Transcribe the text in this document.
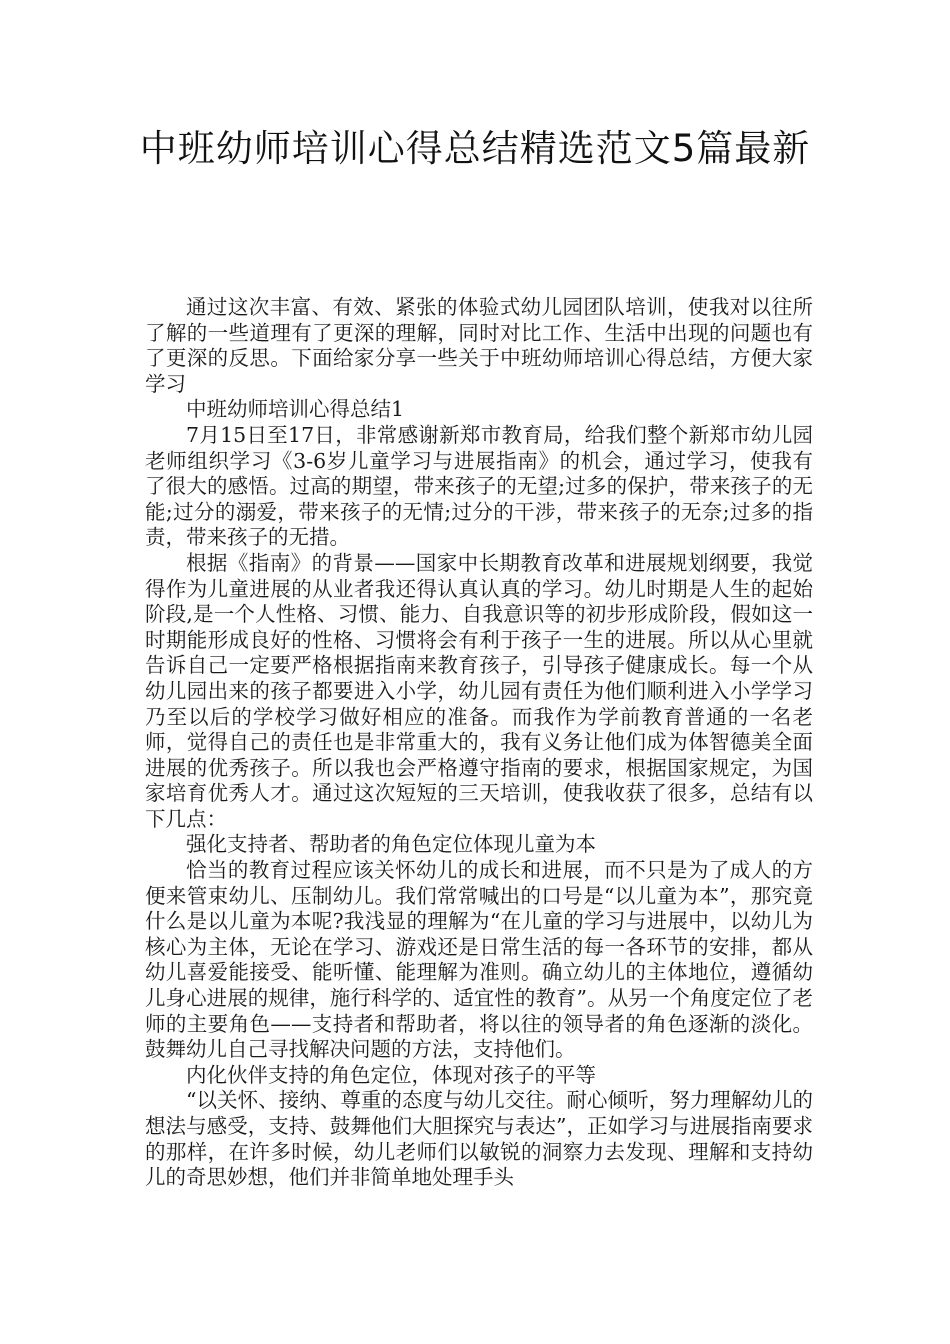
中班幼师培训心得总结精选范文5篇最新

通过这次丰富、有效、紧张的体验式幼儿园团队培训，使我对以往所了解的一些道理有了更深的理解，同时对比工作、生活中出现的问题也有了更深的反思。下面给家分享一些关于中班幼师培训心得总结，方便大家学习

中班幼师培训心得总结1

7月15日至17日，非常感谢新郑市教育局，给我们整个新郑市幼儿园老师组织学习《3-6岁儿童学习与进展指南》的机会，通过学习，使我有了很大的感悟。过高的期望，带来孩子的无望;过多的保护，带来孩子的无能;过分的溺爱，带来孩子的无情;过分的干涉，带来孩子的无奈;过多的指责，带来孩子的无措。

根据《指南》的背景——国家中长期教育改革和进展规划纲要，我觉得作为儿童进展的从业者我还得认真认真的学习。幼儿时期是人生的起始阶段,是一个人性格、习惯、能力、自我意识等的初步形成阶段，假如这一时期能形成良好的性格、习惯将会有利于孩子一生的进展。所以从心里就告诉自己一定要严格根据指南来教育孩子，引导孩子健康成长。每一个从幼儿园出来的孩子都要进入小学，幼儿园有责任为他们顺利进入小学学习乃至以后的学校学习做好相应的准备。而我作为学前教育普通的一名老师，觉得自己的责任也是非常重大的，我有义务让他们成为体智德美全面进展的优秀孩子。所以我也会严格遵守指南的要求，根据国家规定，为国家培育优秀人才。通过这次短短的三天培训，使我收获了很多，总结有以下几点：

强化支持者、帮助者的角色定位体现儿童为本

恰当的教育过程应该关怀幼儿的成长和进展，而不只是为了成人的方便来管束幼儿、压制幼儿。我们常常喊出的口号是“以儿童为本”，那究竟什么是以儿童为本呢?我浅显的理解为“在儿童的学习与进展中，以幼儿为核心为主体，无论在学习、游戏还是日常生活的每一各环节的安排，都从幼儿喜爱能接受、能听懂、能理解为准则。确立幼儿的主体地位，遵循幼儿身心进展的规律，施行科学的、适宜性的教育”。从另一个角度定位了老师的主要角色——支持者和帮助者，将以往的领导者的角色逐渐的淡化。鼓舞幼儿自己寻找解决问题的方法，支持他们。

内化伙伴支持的角色定位，体现对孩子的平等

“以关怀、接纳、尊重的态度与幼儿交往。耐心倾听，努力理解幼儿的想法与感受，支持、鼓舞他们大胆探究与表达”，正如学习与进展指南要求的那样，在许多时候，幼儿老师们以敏锐的洞察力去发现、理解和支持幼儿的奇思妙想，他们并非简单地处理手头
